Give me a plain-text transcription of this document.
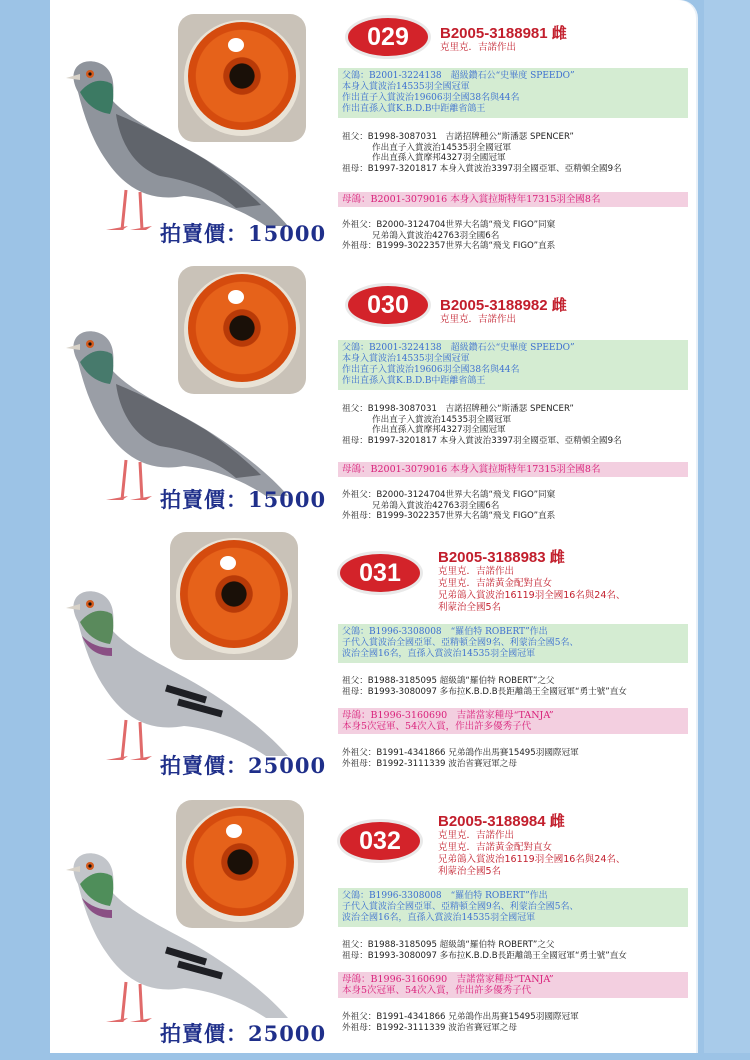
029	B2005-3188981 雌
克里克．吉諾作出
父鴿：B2001-3224138　超級鑽石公“史畢度 SPEEDO”
本身入賞波治14535羽全國冠軍
作出直子入賞波治19606羽全國38名與44名
作出直孫入賞K.B.D.B中距離省鴿王
祖父：B1998-3087031　吉諾招牌種公“斯潘瑟 SPENCER”
作出直子入賞波治14535羽全國冠軍
作出直孫入賞摩邦4327羽全國冠軍
祖母：B1997-3201817 本身入賞波治3397羽全國亞軍、亞精頓全國9名
母鴿：B2001-3079016 本身入賞拉斯特年17315羽全國8名
外祖父：B2000-3124704世界大名鴿“飛戈 FIGO”同窠
兄弟鴿入賞波治42763羽全國6名
外祖母：B1999-3022357世界大名鴿“飛戈 FIGO”直系
拍賣價：15000
030	B2005-3188982 雌
克里克．吉諾作出
父鴿：B2001-3224138　超級鑽石公“史畢度 SPEEDO”
本身入賞波治14535羽全國冠軍
作出直子入賞波治19606羽全國38名與44名
作出直孫入賞K.B.D.B中距離省鴿王
祖父：B1998-3087031　吉諾招牌種公“斯潘瑟 SPENCER”
作出直子入賞波治14535羽全國冠軍
作出直孫入賞摩邦4327羽全國冠軍
祖母：B1997-3201817 本身入賞波治3397羽全國亞軍、亞精頓全國9名
母鴿：B2001-3079016 本身入賞拉斯特年17315羽全國8名
外祖父：B2000-3124704世界大名鴿“飛戈 FIGO”同窠
兄弟鴿入賞波治42763羽全國6名
外祖母：B1999-3022357世界大名鴿“飛戈 FIGO”直系
拍賣價：15000
031
B2005-3188983 雌
克里克．吉諾作出
克里克．吉諾黃金配對直女
兄弟鴿入賞波治16119羽全國16名與24名、
利蒙治全國5名
父鴿：B1996-3308008　“羅伯特 ROBERT”作出
子代入賞波治全國亞軍、亞精頓全國9名、利蒙治全國5名、
波治全國16名，直孫入賞波治14535羽全國冠軍
祖父：B1988-3185095 超級鴿“羅伯特 ROBERT”之父
祖母：B1993-3080097 多布拉K.B.D.B長距離鴿王全國冠軍“勇士號”直女
母鴿：B1996-3160690　吉諾當家種母“TANJA”
本身5次冠軍、54次入賞，作出許多優秀子代
外祖父：B1991-4341866 兄弟鴿作出馬賽15495羽國際冠軍
外祖母：B1992-3111339 波治省賽冠軍之母
拍賣價：25000
032
B2005-3188984 雌
克里克．吉諾作出
克里克．吉諾黃金配對直女
兄弟鴿入賞波治16119羽全國16名與24名、
利蒙治全國5名
父鴿：B1996-3308008　“羅伯特 ROBERT”作出
子代入賞波治全國亞軍、亞精頓全國9名、利蒙治全國5名、
波治全國16名，直孫入賞波治14535羽全國冠軍
祖父：B1988-3185095 超級鴿“羅伯特 ROBERT”之父
祖母：B1993-3080097 多布拉K.B.D.B長距離鴿王全國冠軍“勇士號”直女
母鴿：B1996-3160690　吉諾當家種母“TANJA”
本身5次冠軍、54次入賞，作出許多優秀子代
外祖父：B1991-4341866 兄弟鴿作出馬賽15495羽國際冠軍
外祖母：B1992-3111339 波治省賽冠軍之母
拍賣價：25000
